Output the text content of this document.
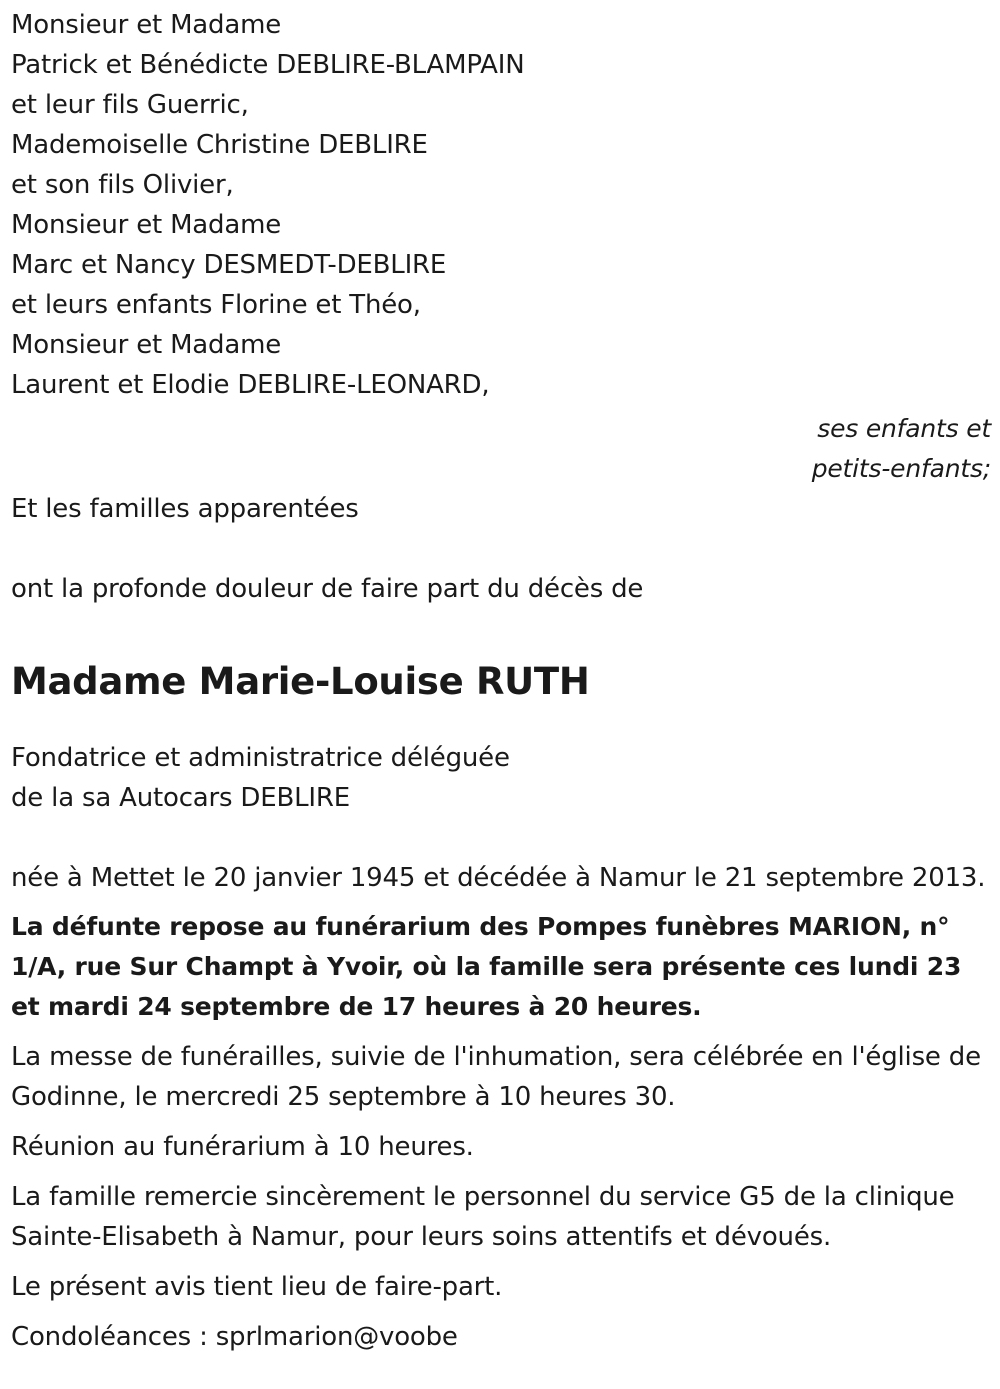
Monsieur et Madame
Patrick et Bénédicte DEBLIRE-BLAMPAIN
et leur fils Guerric,
Mademoiselle Christine DEBLIRE
et son fils Olivier,
Monsieur et Madame
Marc et Nancy DESMEDT-DEBLIRE
et leurs enfants Florine et Théo,
Monsieur et Madame
Laurent et Elodie DEBLIRE-LEONARD,
ses enfants et
petits-enfants;
Et les familles apparentées
ont la profonde douleur de faire part du décès de
Madame Marie-Louise RUTH
Fondatrice et administratrice déléguée
de la sa Autocars DEBLIRE
née à Mettet le 20 janvier 1945 et décédée à Namur le 21 septembre 2013.
La défunte repose au funérarium des Pompes funèbres MARION, n° 1/A, rue Sur Champt à Yvoir, où la famille sera présente ces lundi 23 et mardi 24 septembre de 17 heures à 20 heures.
La messe de funérailles, suivie de l'inhumation, sera célébrée en l'église de Godinne, le mercredi 25 septembre à 10 heures 30.
Réunion au funérarium à 10 heures.
La famille remercie sincèrement le personnel du service G5 de la clinique Sainte-Elisabeth à Namur, pour leurs soins attentifs et dévoués.
Le présent avis tient lieu de faire-part.
Condoléances : sprlmarion@voobe
